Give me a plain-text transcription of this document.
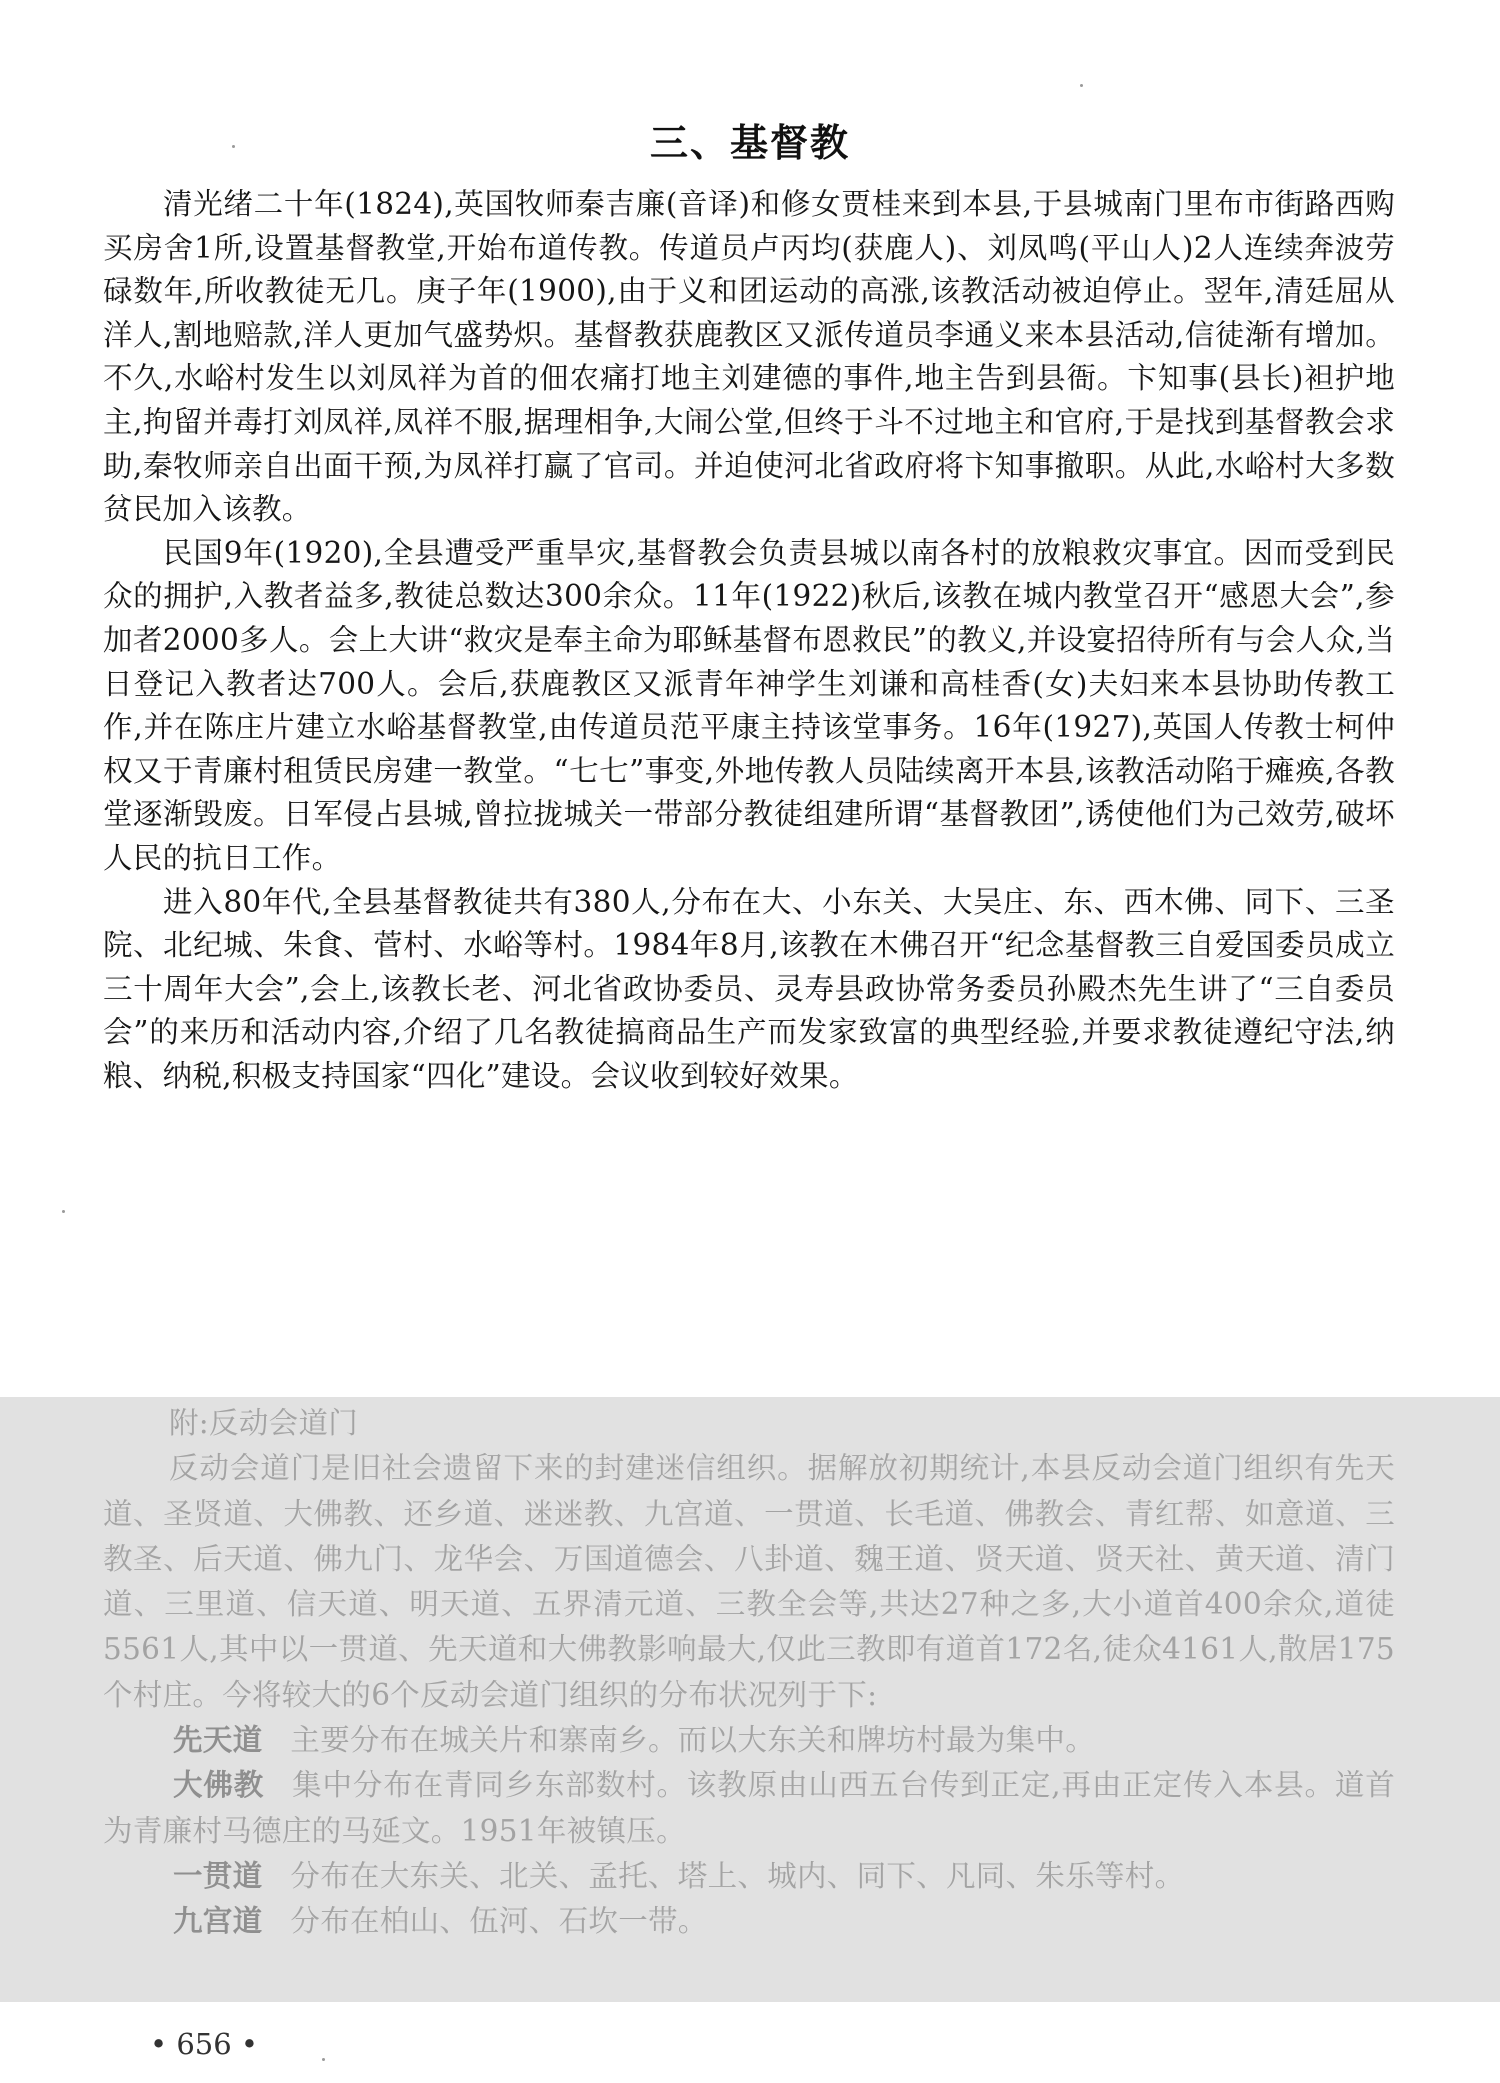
三、基督教

清光绪二十年(1824),英国牧师秦吉廉(音译)和修女贾桂来到本县,于县城南门里布市街路西购买房舍1所,设置基督教堂,开始布道传教。传道员卢丙均(获鹿人)、刘凤鸣(平山人)2人连续奔波劳碌数年,所收教徒无几。庚子年(1900),由于义和团运动的高涨,该教活动被迫停止。翌年,清廷屈从洋人,割地赔款,洋人更加气盛势炽。基督教获鹿教区又派传道员李通义来本县活动,信徒渐有增加。不久,水峪村发生以刘凤祥为首的佃农痛打地主刘建德的事件,地主告到县衙。卞知事(县长)袒护地主,拘留并毒打刘凤祥,凤祥不服,据理相争,大闹公堂,但终于斗不过地主和官府,于是找到基督教会求助,秦牧师亲自出面干预,为凤祥打赢了官司。并迫使河北省政府将卞知事撤职。从此,水峪村大多数贫民加入该教。

民国9年(1920),全县遭受严重旱灾,基督教会负责县城以南各村的放粮救灾事宜。因而受到民众的拥护,入教者益多,教徒总数达300余众。11年(1922)秋后,该教在城内教堂召开“感恩大会”,参加者2000多人。会上大讲“救灾是奉主命为耶稣基督布恩救民”的教义,并设宴招待所有与会人众,当日登记入教者达700人。会后,获鹿教区又派青年神学生刘谦和高桂香(女)夫妇来本县协助传教工作,并在陈庄片建立水峪基督教堂,由传道员范平康主持该堂事务。16年(1927),英国人传教士柯仲权又于青廉村租赁民房建一教堂。“七七”事变,外地传教人员陆续离开本县,该教活动陷于瘫痪,各教堂逐渐毁废。日军侵占县城,曾拉拢城关一带部分教徒组建所谓“基督教团”,诱使他们为己效劳,破坏人民的抗日工作。

进入80年代,全县基督教徒共有380人,分布在大、小东关、大吴庄、东、西木佛、同下、三圣院、北纪城、朱食、菅村、水峪等村。1984年8月,该教在木佛召开“纪念基督教三自爱国委员成立三十周年大会”,会上,该教长老、河北省政协委员、灵寿县政协常务委员孙殿杰先生讲了“三自委员会”的来历和活动内容,介绍了几名教徒搞商品生产而发家致富的典型经验,并要求教徒遵纪守法,纳粮、纳税,积极支持国家“四化”建设。会议收到较好效果。

附:反动会道门

反动会道门是旧社会遗留下来的封建迷信组织。据解放初期统计,本县反动会道门组织有先天道、圣贤道、大佛教、还乡道、迷迷教、九宫道、一贯道、长毛道、佛教会、青红帮、如意道、三教圣、后天道、佛九门、龙华会、万国道德会、八卦道、魏王道、贤天道、贤天社、黄天道、清门道、三里道、信天道、明天道、五界清元道、三教全会等,共达27种之多,大小道首400余众,道徒5561人,其中以一贯道、先天道和大佛教影响最大,仅此三教即有道首172名,徒众4161人,散居175个村庄。今将较大的6个反动会道门组织的分布状况列于下:

先天道 主要分布在城关片和寨南乡。而以大东关和牌坊村最为集中。

大佛教 集中分布在青同乡东部数村。该教原由山西五台传到正定,再由正定传入本县。道首为青廉村马德庄的马延文。1951年被镇压。

一贯道 分布在大东关、北关、孟托、塔上、城内、同下、凡同、朱乐等村。

九宫道 分布在柏山、伍河、石坎一带。

• 656 •
